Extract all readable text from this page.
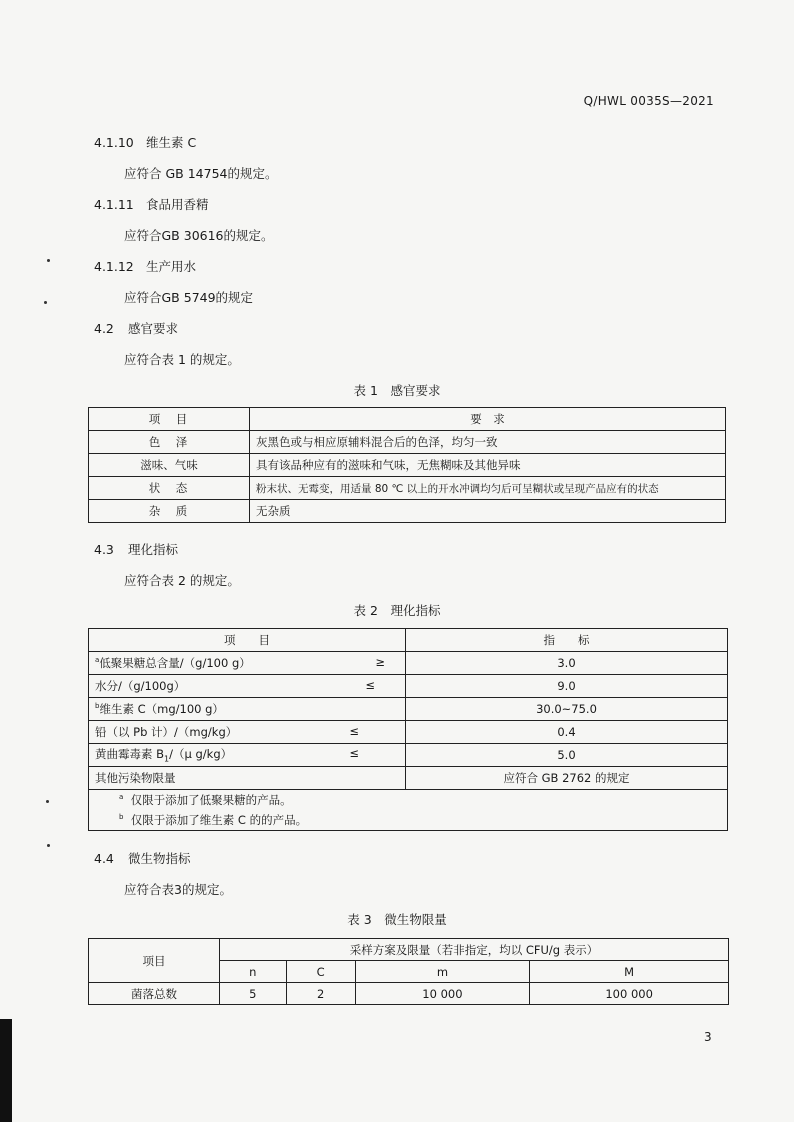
Q/HWL 0035S—2021
4.1.10 维生素 C
应符合 GB 14754的规定。
4.1.11 食品用香精
应符合GB 30616的规定。
4.1.12 生产用水
应符合GB 5749的规定
4.2 感官要求
应符合表 1 的规定。
表 1　感官要求
项　目	要　求
色　泽	灰黑色或与相应原辅料混合后的色泽，均匀一致
滋味、气味	具有该品种应有的滋味和气味，无焦糊味及其他异味
状　态	粉末状、无霉变，用适量 80 ℃ 以上的开水冲调均匀后可呈糊状或呈现产品应有的状态
杂　质	无杂质
4.3 理化指标
应符合表 2 的规定。
表 2　理化指标
项　　目	指　　标

$^a$低聚果糖总含量/（g/100 g） ≥	3.0

水分/（g/100g） ≤	9.0

$^b$维生素 C（mg/100 g）	30.0~75.0

铅（以 Pb 计）/（mg/kg） ≤	0.4

黄曲霉毒素 $B_1/(\mu$ g/kg） ≤	5.0

其他污染物限量	应符合 GB 2762 的规定
$^a$ 仅限于添加了低聚果糖的产品。	
$^b$ 仅限于添加了维生素 C 的的产品。	
4.4 微生物指标
应符合表3的规定。
表 3　微生物限量
项目	采样方案及限量（若非指定，均以 CFU/g 表示）			
	n	C	m	M
菌落总数	5	2	10 000	100 000
3
